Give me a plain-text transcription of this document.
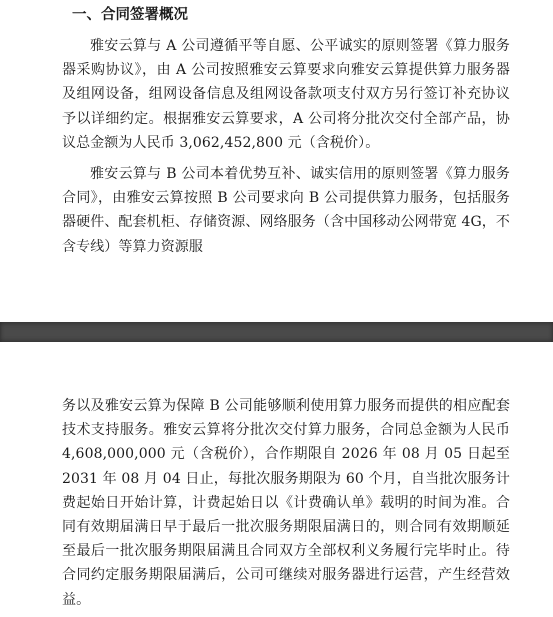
一、合同签署概况

雅安云算与 A 公司遵循平等自愿、公平诚实的原则签署《算力服务器采购协议》，由 A 公司按照雅安云算要求向雅安云算提供算力服务器及组网设备，组网设备信息及组网设备款项支付双方另行签订补充协议予以详细约定。根据雅安云算要求，A 公司将分批次交付全部产品，协议总金额为人民币 3,062,452,800 元（含税价）。

雅安云算与 B 公司本着优势互补、诚实信用的原则签署《算力服务合同》，由雅安云算按照 B 公司要求向 B 公司提供算力服务，包括服务器硬件、配套机柜、存储资源、网络服务（含中国移动公网带宽 4G，不含专线）等算力资源服

务以及雅安云算为保障 B 公司能够顺利使用算力服务而提供的相应配套技术支持服务。雅安云算将分批次交付算力服务，合同总金额为人民币 4,608,000,000 元（含税价），合作期限自 2026 年 08 月 05 日起至 2031 年 08 月 04 日止，每批次服务期限为 60 个月，自当批次服务计费起始日开始计算，计费起始日以《计费确认单》载明的时间为准。合同有效期届满日早于最后一批次服务期限届满日的，则合同有效期顺延至最后一批次服务期限届满且合同双方全部权利义务履行完毕时止。待合同约定服务期限届满后，公司可继续对服务器进行运营，产生经营效益。
